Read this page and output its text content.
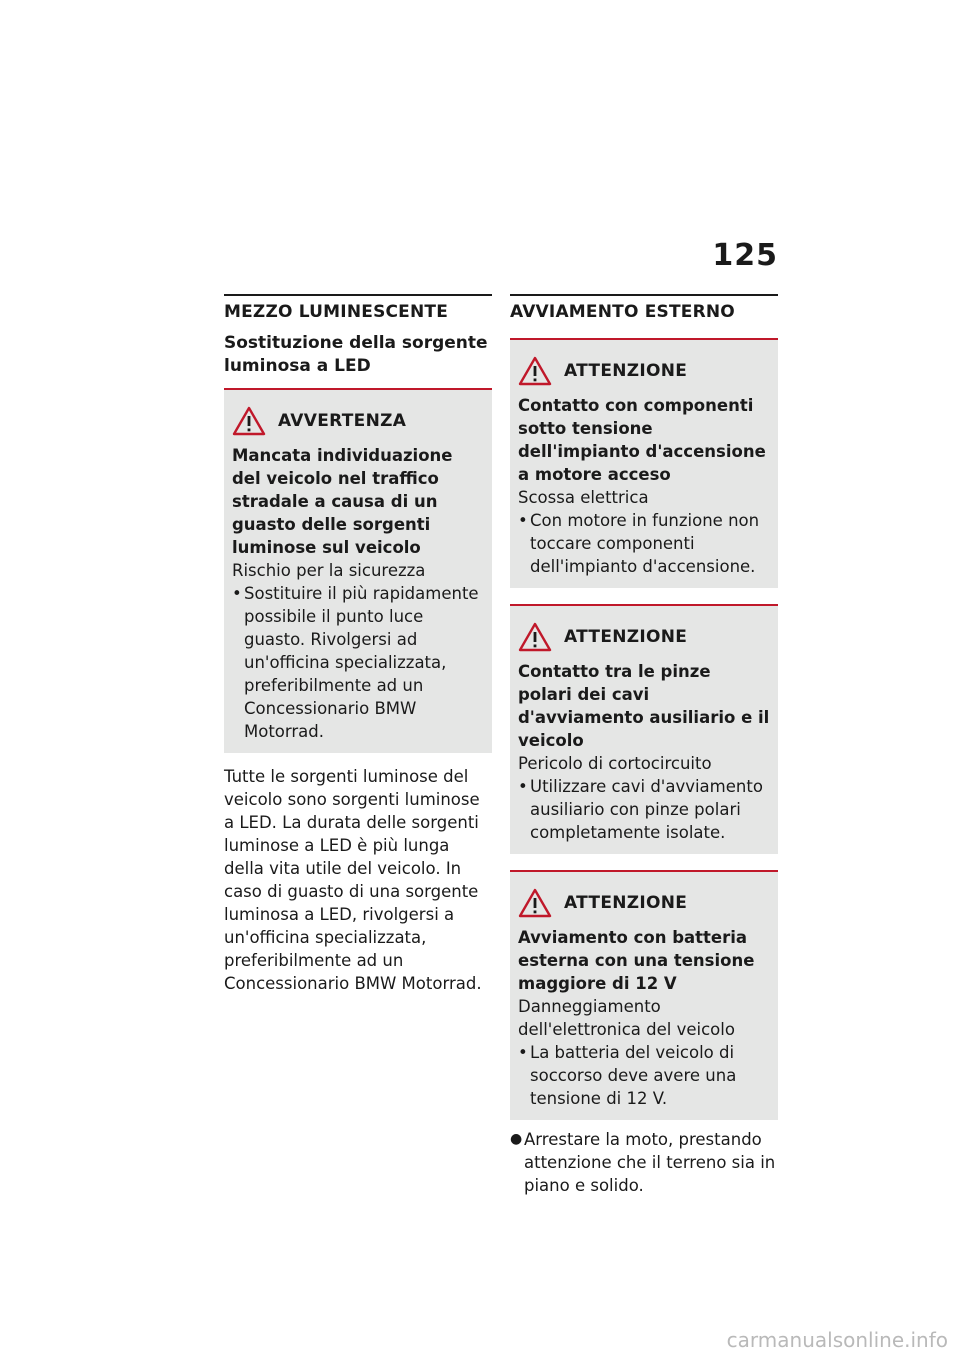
125
MEZZO LUMINESCENTE
Sostituzione della sorgente luminosa a LED
AVVERTENZA
Mancata individuazione del veicolo nel traffico stradale a causa di un guasto delle sorgenti luminose sul veicolo
Rischio per la sicurezza
• Sostituire il più rapidamente possibile il punto luce guasto. Rivolgersi ad un'officina specializzata, preferibilmente ad un Concessionario BMW Motorrad.
Tutte le sorgenti luminose del veicolo sono sorgenti luminose a LED. La durata delle sorgenti luminose a LED è più lunga della vita utile del veicolo. In caso di guasto di una sorgente luminosa a LED, rivolgersi a un'officina specializzata, preferibilmente ad un Concessionario BMW Motorrad.
AVVIAMENTO ESTERNO
ATTENZIONE
Contatto con componenti sotto tensione dell'impianto d'accensione a motore acceso
Scossa elettrica
• Con motore in funzione non toccare componenti dell'impianto d'accensione.
ATTENZIONE
Contatto tra le pinze polari dei cavi d'avviamento ausiliario e il veicolo
Pericolo di cortocircuito
• Utilizzare cavi d'avviamento ausiliario con pinze polari completamente isolate.
ATTENZIONE
Avviamento con batteria esterna con una tensione maggiore di 12 V
Danneggiamento dell'elettronica del veicolo
• La batteria del veicolo di soccorso deve avere una tensione di 12 V.
● Arrestare la moto, prestando attenzione che il terreno sia in piano e solido.
carmanualsonline.info
